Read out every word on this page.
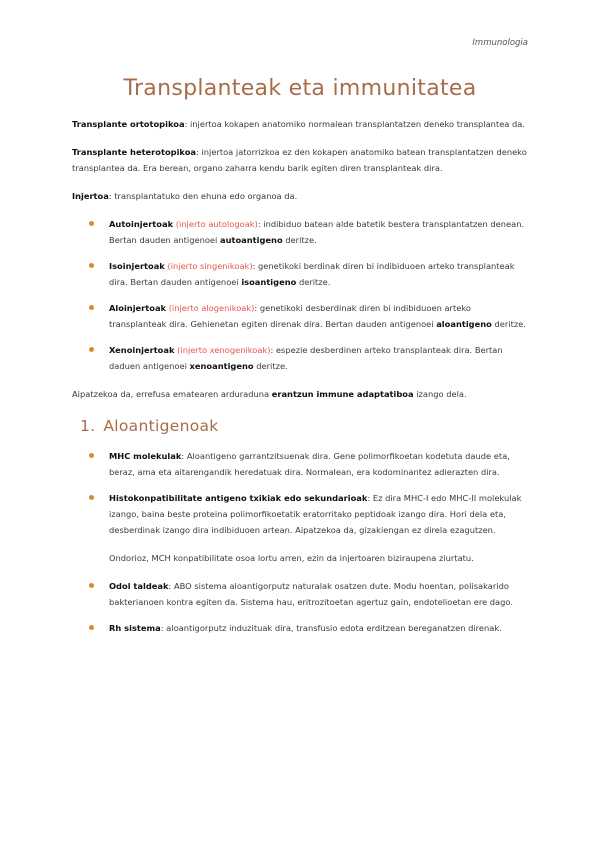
Immunologia
Transplanteak eta immunitatea

Transplante ortotopikoa: injertoa kokapen anatomiko normalean transplantatzen deneko transplantea da.

Transplante heterotopikoa: injertoa jatorrizkoa ez den kokapen anatomiko batean transplantatzen deneko transplantea da. Era berean, organo zaharra kendu barik egiten diren transplanteak dira.

Injertoa: transplantatuko den ehuna edo organoa da.

Autoinjertoak (injerto autologoak): indibiduo batean alde batetik bestera transplantatzen denean. Bertan dauden antigenoei autoantigeno deritze.
Isoinjertoak (injerto singenikoak): genetikoki berdinak diren bi indibiduoen arteko transplanteak dira. Bertan dauden antigenoei isoantigeno deritze.
Aloinjertoak (injerto alogenikoak): genetikoki desberdinak diren bi indibiduoen arteko transplanteak dira. Gehienetan egiten direnak dira. Bertan dauden antigenoei aloantigeno deritze.
Xenoinjertoak (injerto xenogenikoak): espezie desberdinen arteko transplanteak dira. Bertan daduen antigenoei xenoantigeno deritze.

Aipatzekoa da, errefusa ematearen arduraduna erantzun immune adaptatiboa izango dela.

1. Aloantigenoak
MHC molekulak: Aloantigeno garrantzitsuenak dira. Gene polimorfikoetan kodetuta daude eta, beraz, ama eta aitarengandik heredatuak dira. Normalean, era kodominantez adierazten dira.
Histokonpatibilitate antigeno txikiak edo sekundarioak: Ez dira MHC-I edo MHC-II molekulak izango, baina beste proteina polimorfikoetatik eratorritako peptidoak izango dira. Hori dela eta, desberdinak izango dira indibiduoen artean. Aipatzekoa da, gizakiengan ez direla ezagutzen.

Ondorioz, MCH konpatibilitate osoa lortu arren, ezin da injertoaren biziraupena ziurtatu.

Odol taldeak: ABO sistema aloantigorputz naturalak osatzen dute. Modu hoentan, polisakarido bakterianoen kontra egiten da. Sistema hau, eritrozitoetan agertuz gain, endotelioetan ere dago.
Rh sistema: aloantigorputz induzituak dira, transfusio edota erditzean bereganatzen direnak.
